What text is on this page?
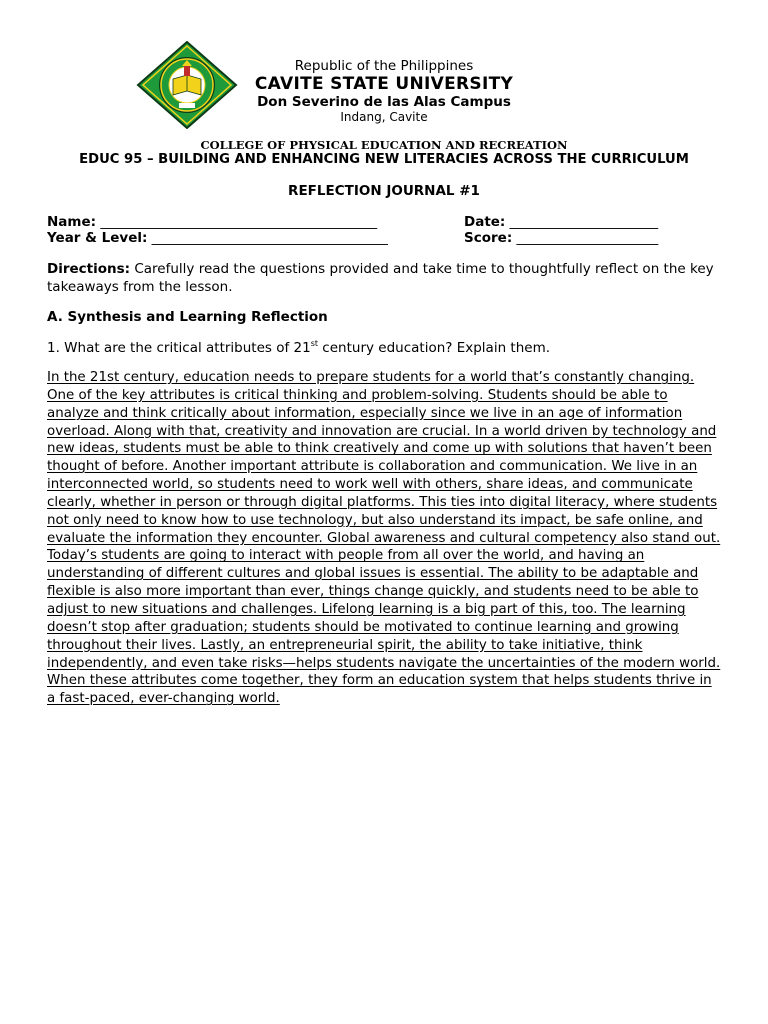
Republic of the Philippines
CAVITE STATE UNIVERSITY
Don Severino de las Alas Campus
Indang, Cavite
COLLEGE OF PHYSICAL EDUCATION AND RECREATION
EDUC 95 – BUILDING AND ENHANCING NEW LITERACIES ACROSS THE CURRICULUM
REFLECTION JOURNAL #1
Name: _________________________________________
Year & Level: ___________________________________
Date: ______________________
Score: _____________________
Directions: Carefully read the questions provided and take time to thoughtfully reflect on the key takeaways from the lesson.
A. Synthesis and Learning Reflection
1. What are the critical attributes of 21st century education? Explain them.
In the 21st century, education needs to prepare students for a world that’s constantly changing. One of the key attributes is critical thinking and problem-solving. Students should be able to analyze and think critically about information, especially since we live in an age of information overload. Along with that, creativity and innovation are crucial. In a world driven by technology and new ideas, students must be able to think creatively and come up with solutions that haven’t been thought of before. Another important attribute is collaboration and communication. We live in an interconnected world, so students need to work well with others, share ideas, and communicate clearly, whether in person or through digital platforms. This ties into digital literacy, where students not only need to know how to use technology, but also understand its impact, be safe online, and evaluate the information they encounter. Global awareness and cultural competency also stand out. Today’s students are going to interact with people from all over the world, and having an understanding of different cultures and global issues is essential. The ability to be adaptable and flexible is also more important than ever, things change quickly, and students need to be able to adjust to new situations and challenges. Lifelong learning is a big part of this, too. The learning doesn’t stop after graduation; students should be motivated to continue learning and growing throughout their lives. Lastly, an entrepreneurial spirit, the ability to take initiative, think independently, and even take risks—helps students navigate the uncertainties of the modern world. When these attributes come together, they form an education system that helps students thrive in a fast-paced, ever-changing world.
